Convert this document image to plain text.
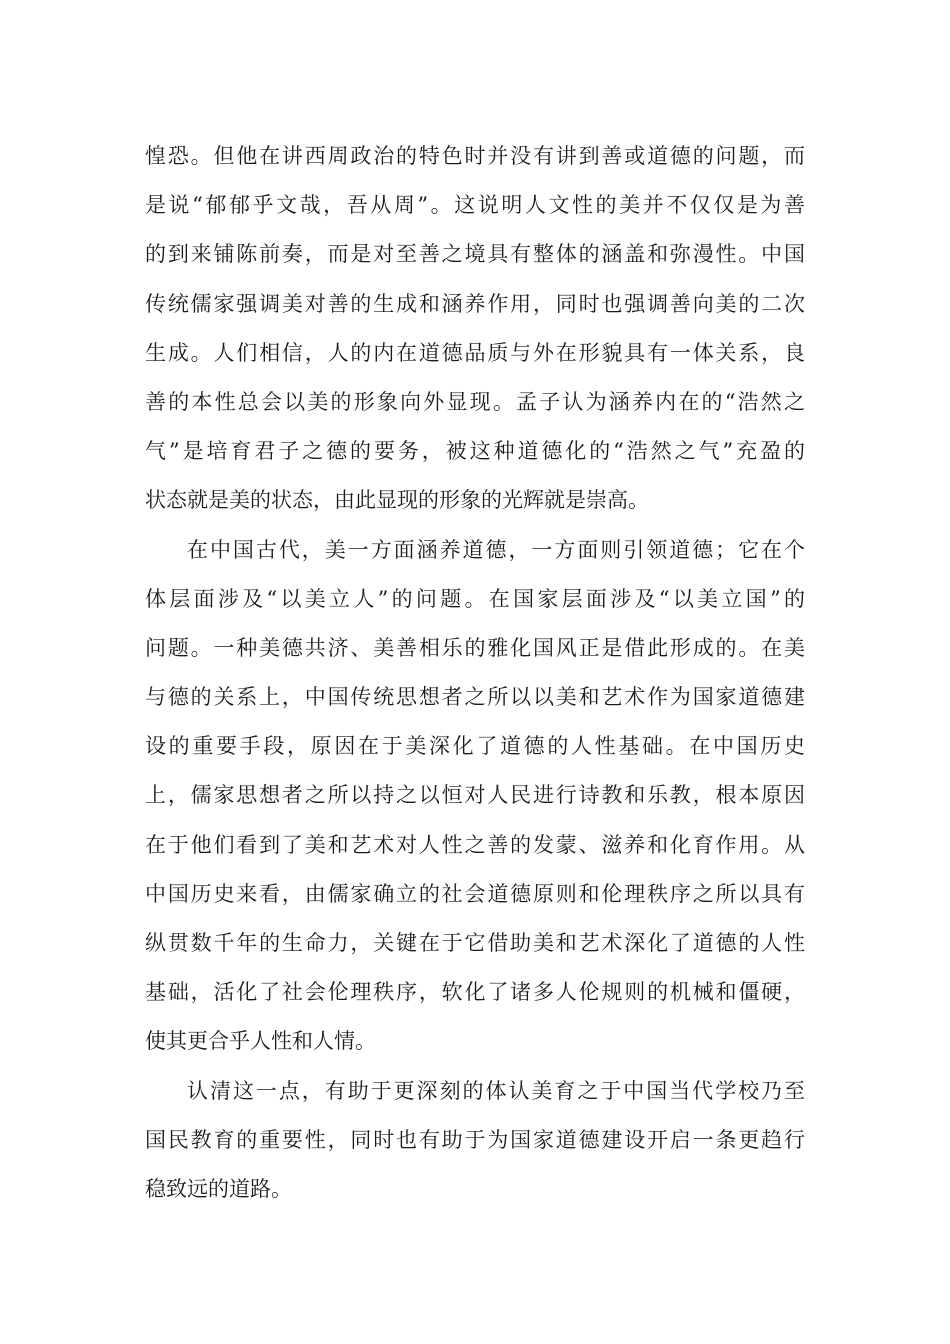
惶恐。但他在讲西周政治的特色时并没有讲到善或道德的问题，而
是说“郁郁乎文哉，吾从周”。这说明人文性的美并不仅仅是为善
的到来铺陈前奏，而是对至善之境具有整体的涵盖和弥漫性。中国
传统儒家强调美对善的生成和涵养作用，同时也强调善向美的二次
生成。人们相信，人的内在道德品质与外在形貌具有一体关系，良
善的本性总会以美的形象向外显现。孟子认为涵养内在的“浩然之
气”是培育君子之德的要务，被这种道德化的“浩然之气”充盈的
状态就是美的状态，由此显现的形象的光辉就是崇高。
在中国古代，美一方面涵养道德，一方面则引领道德；它在个
体层面涉及“以美立人”的问题。在国家层面涉及“以美立国”的
问题。一种美德共济、美善相乐的雅化国风正是借此形成的。在美
与德的关系上，中国传统思想者之所以以美和艺术作为国家道德建
设的重要手段，原因在于美深化了道德的人性基础。在中国历史
上，儒家思想者之所以持之以恒对人民进行诗教和乐教，根本原因
在于他们看到了美和艺术对人性之善的发蒙、滋养和化育作用。从
中国历史来看，由儒家确立的社会道德原则和伦理秩序之所以具有
纵贯数千年的生命力，关键在于它借助美和艺术深化了道德的人性
基础，活化了社会伦理秩序，软化了诸多人伦规则的机械和僵硬，
使其更合乎人性和人情。
认清这一点，有助于更深刻的体认美育之于中国当代学校乃至
国民教育的重要性，同时也有助于为国家道德建设开启一条更趋行
稳致远的道路。
